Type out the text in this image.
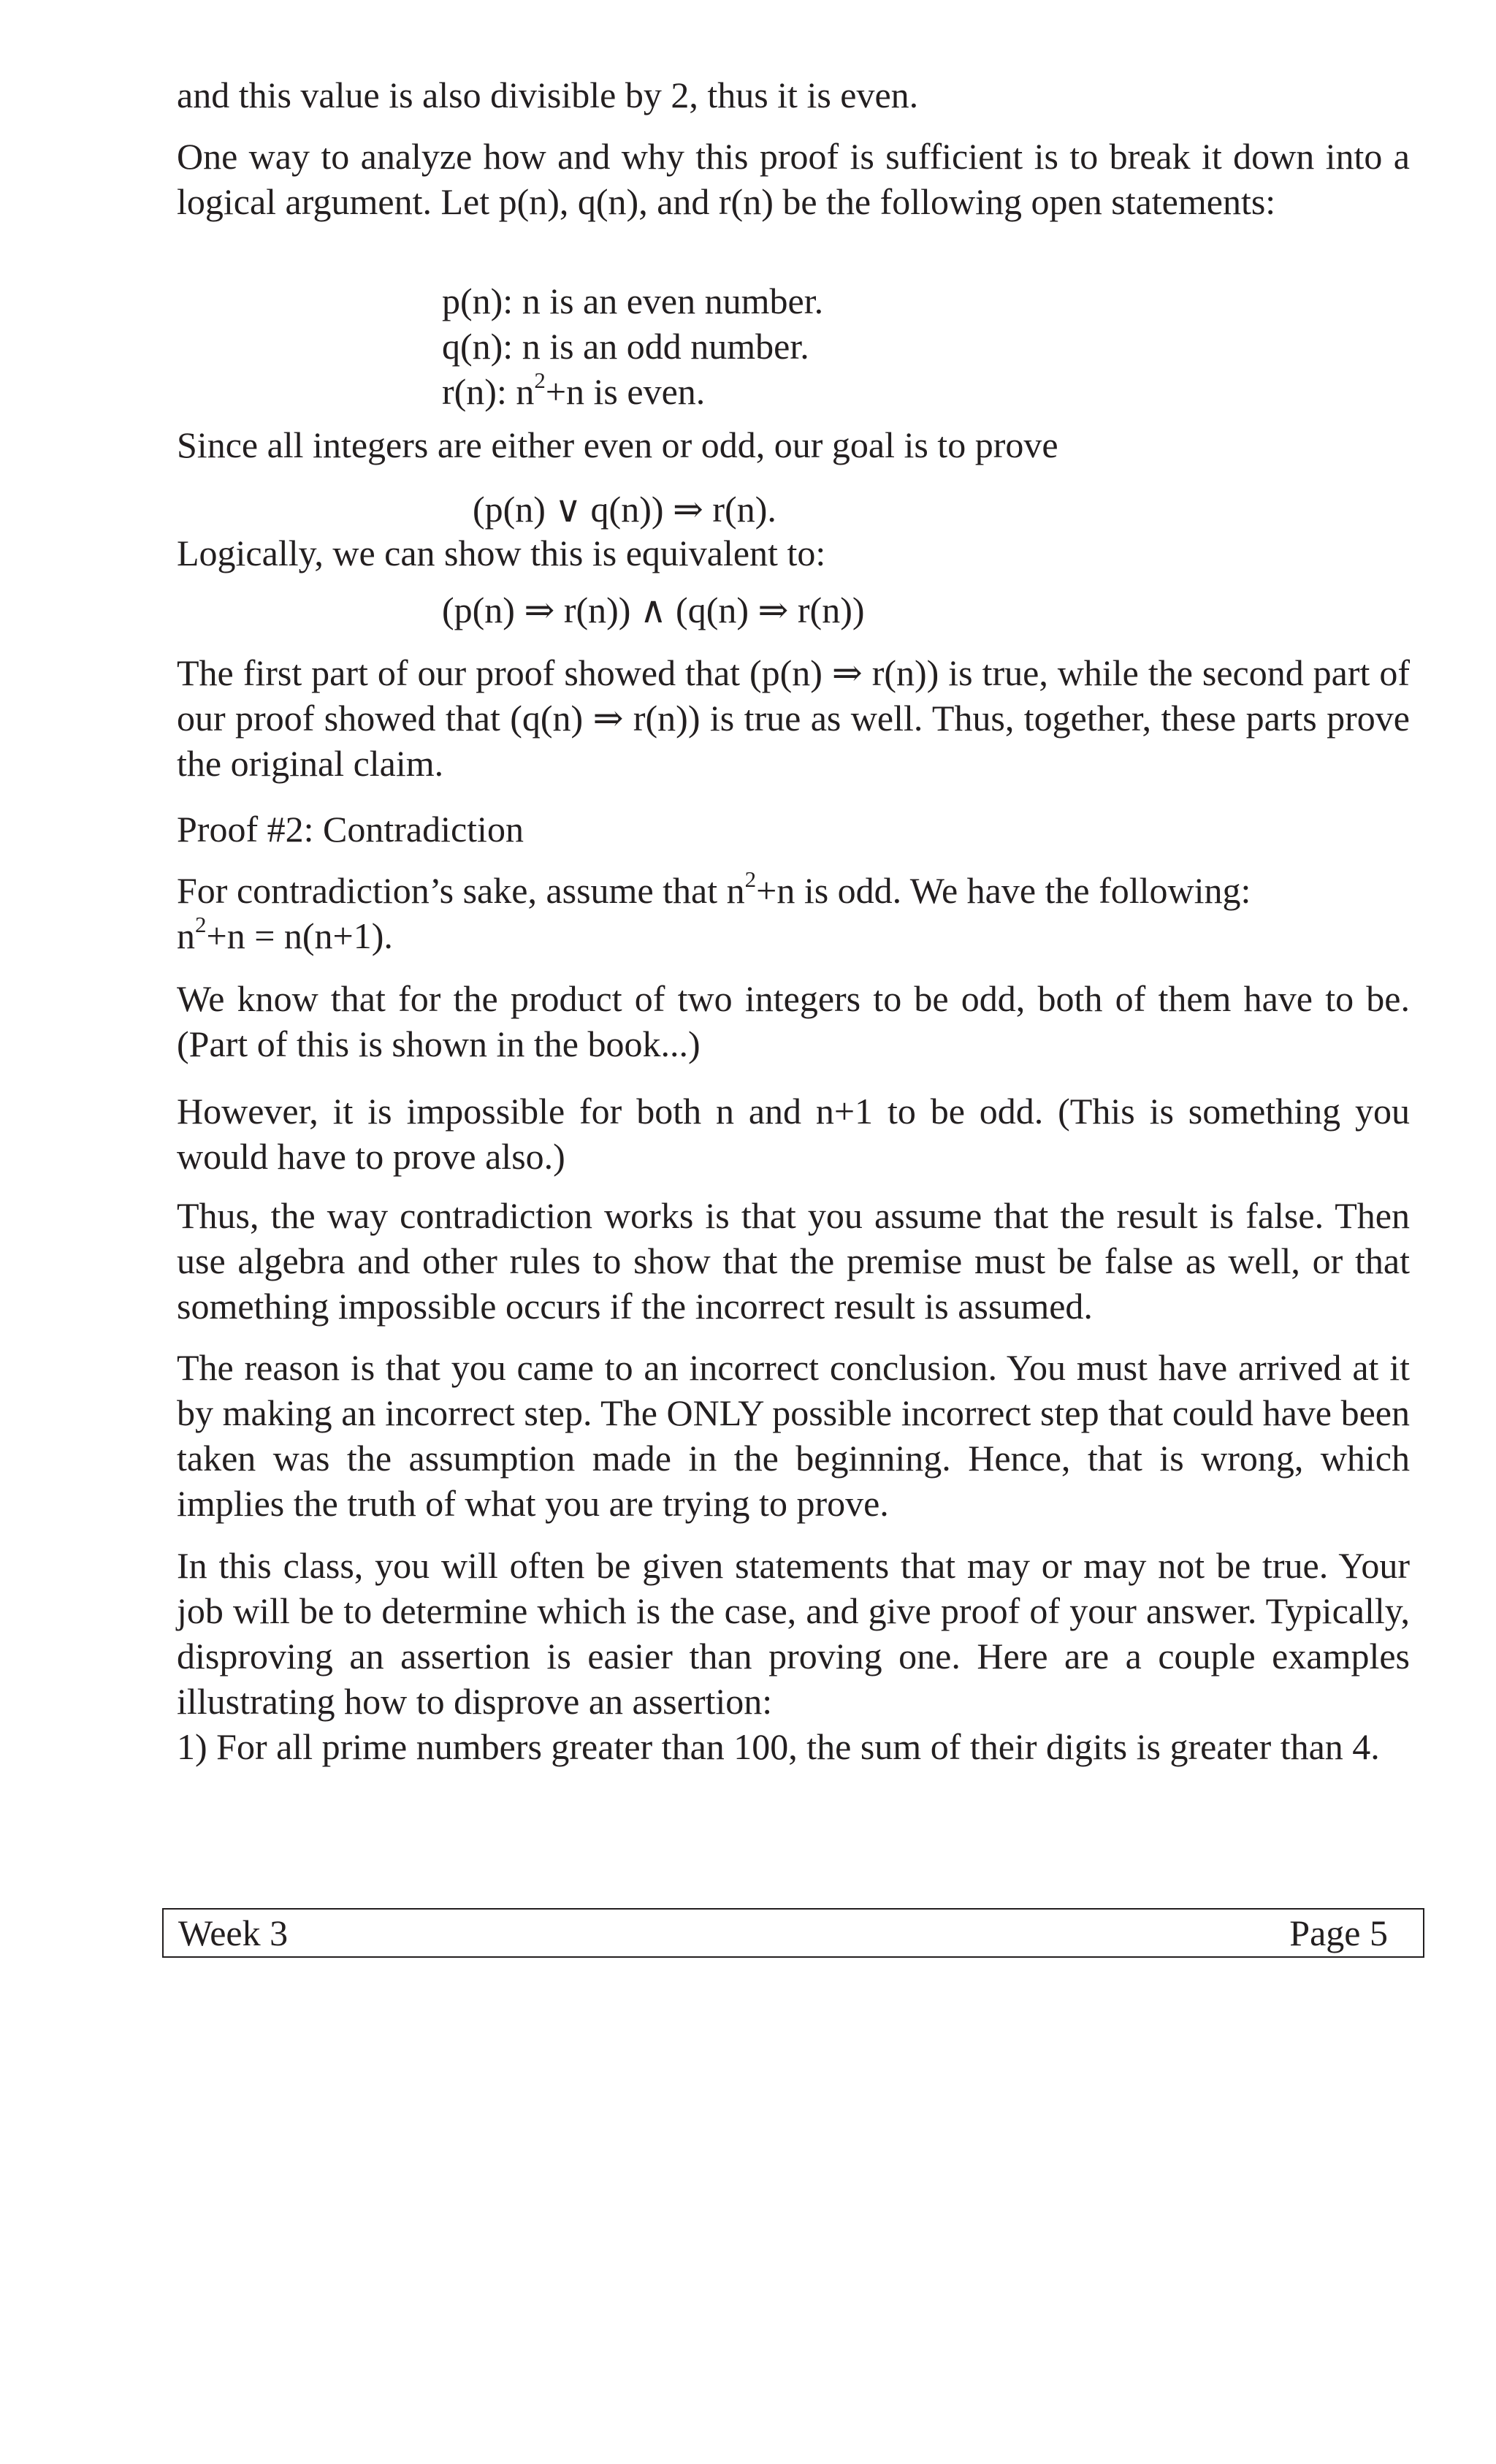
and this value is also divisible by 2, thus it is even.

One way to analyze how and why this proof is sufficient is to break it down into a logical argument. Let p(n), q(n), and r(n) be the following open statements:

p(n): n is an even number.

q(n): n is an odd number.

r(n): $n^2+n$ is even.

Since all integers are either even or odd, our goal is to prove

(p(n) ∨ q(n)) ⇒ r(n).

Logically, we can show this is equivalent to:

(p(n) ⇒ r(n)) ∧ (q(n) ⇒ r(n))

The first part of our proof showed that (p(n) ⇒ r(n)) is true, while the second part of our proof showed that (q(n) ⇒ r(n)) is true as well. Thus, together, these parts prove the original claim.

Proof #2: Contradiction

For contradiction’s sake, assume that $n^2+n$ is odd. We have the following:

$n^2+n = n(n+1)$.

We know that for the product of two integers to be odd, both of them have to be. (Part of this is shown in the book...)

However, it is impossible for both n and n+1 to be odd. (This is something you would have to prove also.)

Thus, the way contradiction works is that you assume that the result is false. Then use algebra and other rules to show that the premise must be false as well, or that something impossible occurs if the incorrect result is assumed.

The reason is that you came to an incorrect conclusion. You must have arrived at it by making an incorrect step. The ONLY possible incorrect step that could have been taken was the assumption made in the beginning. Hence, that is wrong, which implies the truth of what you are trying to prove.

In this class, you will often be given statements that may or may not be true. Your job will be to determine which is the case, and give proof of your answer. Typically, disproving an assertion is easier than proving one. Here are a couple examples illustrating how to disprove an assertion:

1) For all prime numbers greater than 100, the sum of their digits is greater than 4.

Week 3	Page 5
